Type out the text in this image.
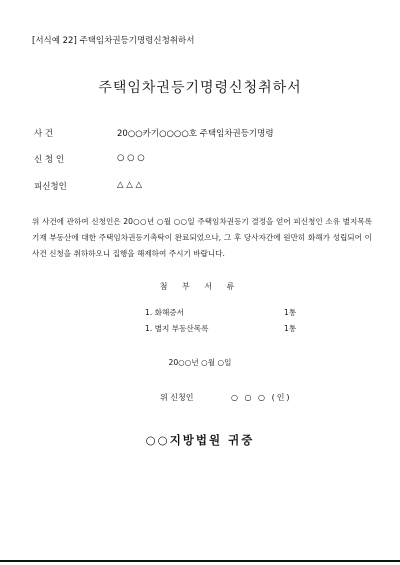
[서식예 22] 주택임차권등기명령신청취하서
주택임차권등기명령신청취하서
사 건	20○○카기○○○○호 주택임차권등기명령
신 청 인	○ ○ ○
피신청인	△ △ △
위 사건에 관하여 신청인은 20○○년 ○월 ○○일 주택임차권등기 결정을 얻어 피신청인 소유 별지목록기재 부동산에 대한 주택임차권등기촉탁이 완료되었으나, 그 후 당사자간에 원만히 화해가 성립되어 이 사건 신청을 취하하오니 집행을 해제하여 주시기 바랍니다.
첨 부 서 류
1. 화해증서	1통
1. 별지 부동산목록	1통
20○○년 ○월 ○일
위 신청인	○ ○ ○ (인)
○○지방법원 귀중
